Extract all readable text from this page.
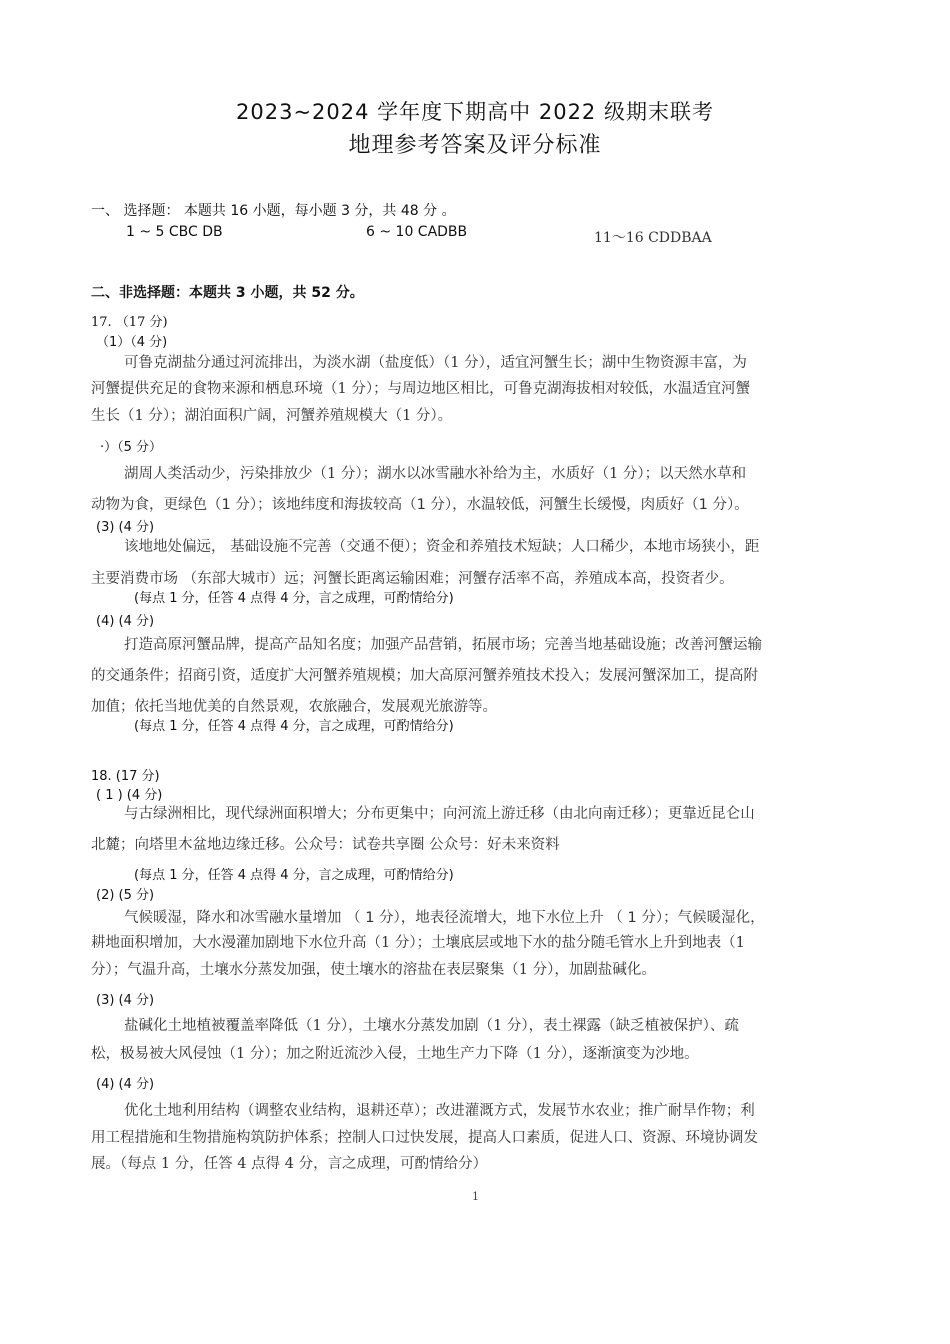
2023~2024 学年度下期高中 2022 级期末联考
地理参考答案及评分标准
一、 选择题： 本题共 16 小题，每小题 3 分，共 48 分 。
1 ~ 5 CBC DB	6 ~ 10 CADBB	11～16 CDDBAA
二、非选择题：本题共 3 小题，共 52 分。
17. （17 分)
（1）（4 分)
可鲁克湖盐分通过河流排出，为淡水湖（盐度低）（1 分），适宜河蟹生长；湖中生物资源丰富，为
河蟹提供充足的食物来源和栖息环境（1 分）；与周边地区相比，可鲁克湖海拔相对较低，水温适宜河蟹
生长（1 分）；湖泊面积广阔，河蟹养殖规模大（1 分）。
·）（5 分）
湖周人类活动少，污染排放少（1 分）；湖水以冰雪融水补给为主，水质好（1 分）；以天然水草和
动物为食，更绿色（1 分）；该地纬度和海拔较高（1 分），水温较低，河蟹生长缓慢，肉质好（1 分）。
(3) (4 分)
该地地处偏远， 基础设施不完善（交通不便）；资金和养殖技术短缺；人口稀少，本地市场狭小，距
主要消费市场 （东部大城市）远；河蟹长距离运输困难；河蟹存活率不高，养殖成本高，投资者少。
(每点 1 分，任答 4 点得 4 分，言之成理，可酌情给分)
(4) (4 分)
打造高原河蟹品牌，提高产品知名度；加强产品营销，拓展市场；完善当地基础设施；改善河蟹运输
的交通条件；招商引资，适度扩大河蟹养殖规模；加大高原河蟹养殖技术投入；发展河蟹深加工，提高附
加值；依托当地优美的自然景观，农旅融合，发展观光旅游等。
(每点 1 分，任答 4 点得 4 分，言之成理，可酌情给分)
18. (17 分)
( 1 ) (4 分)
与古绿洲相比，现代绿洲面积增大；分布更集中；向河流上游迁移（由北向南迁移）；更靠近昆仑山
北麓；向塔里木盆地边缘迁移。公众号：试卷共享圈 公众号：好未来资料
(每点 1 分，任答 4 点得 4 分，言之成理，可酌情给分)
(2) (5 分)
气候暖湿，降水和冰雪融水量增加 （ 1 分），地表径流增大，地下水位上升 （ 1 分）；气候暖湿化，
耕地面积增加，大水漫灌加剧地下水位升高（1 分）；土壤底层或地下水的盐分随毛管水上升到地表（1
分）；气温升高，土壤水分蒸发加强，使土壤水的溶盐在表层聚集（1 分），加剧盐碱化。
(3) (4 分)
盐碱化土地植被覆盖率降低（1 分），土壤水分蒸发加剧（1 分），表土裸露（缺乏植被保护）、疏
松，极易被大风侵蚀（1 分）；加之附近流沙入侵，土地生产力下降（1 分），逐渐演变为沙地。
(4) (4 分)
优化土地利用结构（调整农业结构，退耕还草）；改进灌溉方式，发展节水农业；推广耐旱作物；利
用工程措施和生物措施构筑防护体系；控制人口过快发展，提高人口素质，促进人口、资源、环境协调发
展。（每点 1 分，任答 4 点得 4 分，言之成理，可酌情给分）
1
